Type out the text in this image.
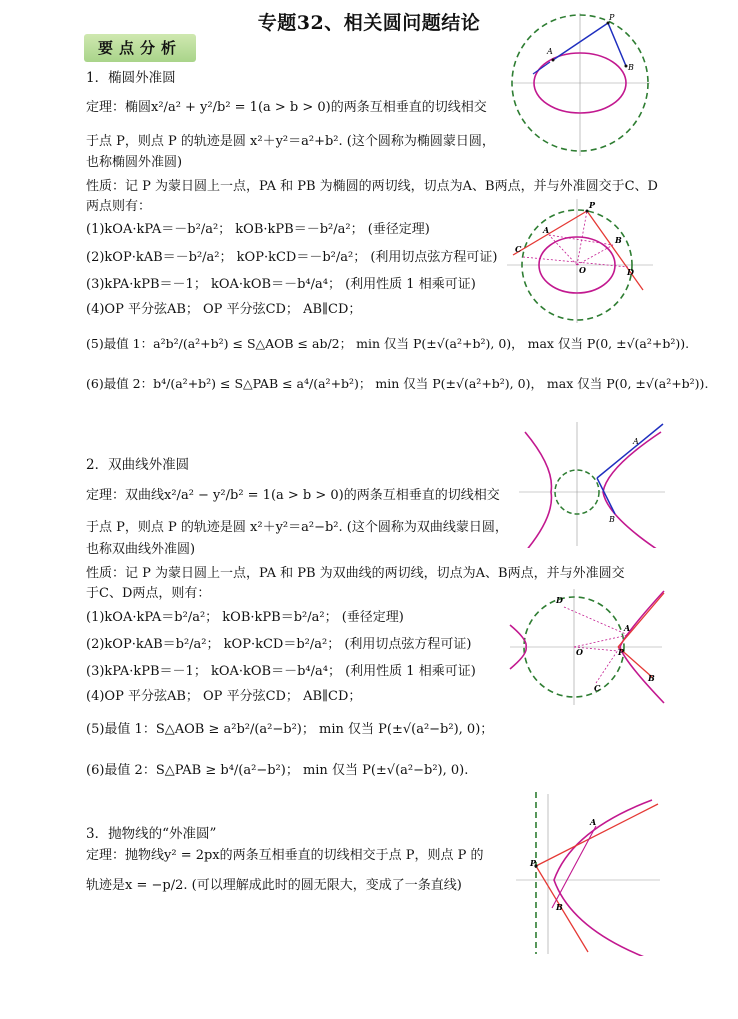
专题32、相关圆问题结论
要点分析
1．椭圆外准圆
定理：椭圆x²/a² + y²/b² = 1(a > b > 0)的两条互相垂直的切线相交
于点 P，则点 P 的轨迹是圆 x²＋y²＝a²+b². (这个圆称为椭圆蒙日圆，
也称椭圆外准圆)
性质：记 P 为蒙日圆上一点，PA 和 PB 为椭圆的两切线，切点为A、B两点，并与外准圆交于C、D
两点则有：
(1)kOA·kPA＝－b²/a²； kOB·kPB＝－b²/a²； (垂径定理)
(2)kOP·kAB＝－b²/a²； kOP·kCD＝－b²/a²； (利用切点弦方程可证)
(3)kPA·kPB＝－1； kOA·kOB＝－b⁴/a⁴； (利用性质 1 相乘可证)
(4)OP 平分弦AB； OP 平分弦CD； AB∥CD；
(5)最值 1：a²b²/(a²+b²) ≤ S△AOB ≤ ab/2； min 仅当 P(±√(a²+b²), 0)， max 仅当 P(0, ±√(a²+b²)).
(6)最值 2：b⁴/(a²+b²) ≤ S△PAB ≤ a⁴/(a²+b²)； min 仅当 P(±√(a²+b²), 0)， max 仅当 P(0, ±√(a²+b²)).
2．双曲线外准圆
定理：双曲线x²/a² − y²/b² = 1(a > b > 0)的两条互相垂直的切线相交
于点 P，则点 P 的轨迹是圆 x²＋y²＝a²−b². (这个圆称为双曲线蒙日圆，
也称双曲线外准圆)
性质：记 P 为蒙日圆上一点，PA 和 PB 为双曲线的两切线，切点为A、B两点，并与外准圆交
于C、D两点，则有：
(1)kOA·kPA＝b²/a²； kOB·kPB＝b²/a²； (垂径定理)
(2)kOP·kAB＝b²/a²； kOP·kCD＝b²/a²； (利用切点弦方程可证)
(3)kPA·kPB＝－1； kOA·kOB＝－b⁴/a⁴； (利用性质 1 相乘可证)
(4)OP 平分弦AB； OP 平分弦CD； AB∥CD；
(5)最值 1：S△AOB ≥ a²b²/(a²−b²)； min 仅当 P(±√(a²−b²), 0)；
(6)最值 2：S△PAB ≥ b⁴/(a²−b²)； min 仅当 P(±√(a²−b²), 0).
3．抛物线的“外准圆”
定理：抛物线y² = 2px的两条互相垂直的切线相交于点 P，则点 P 的
轨迹是x = −p/2. (可以理解成此时的圆无限大，变成了一条直线)
A
P
B
P
A
B
C
D
O
A
B
D
A
P
C
B
O
P
A
B
